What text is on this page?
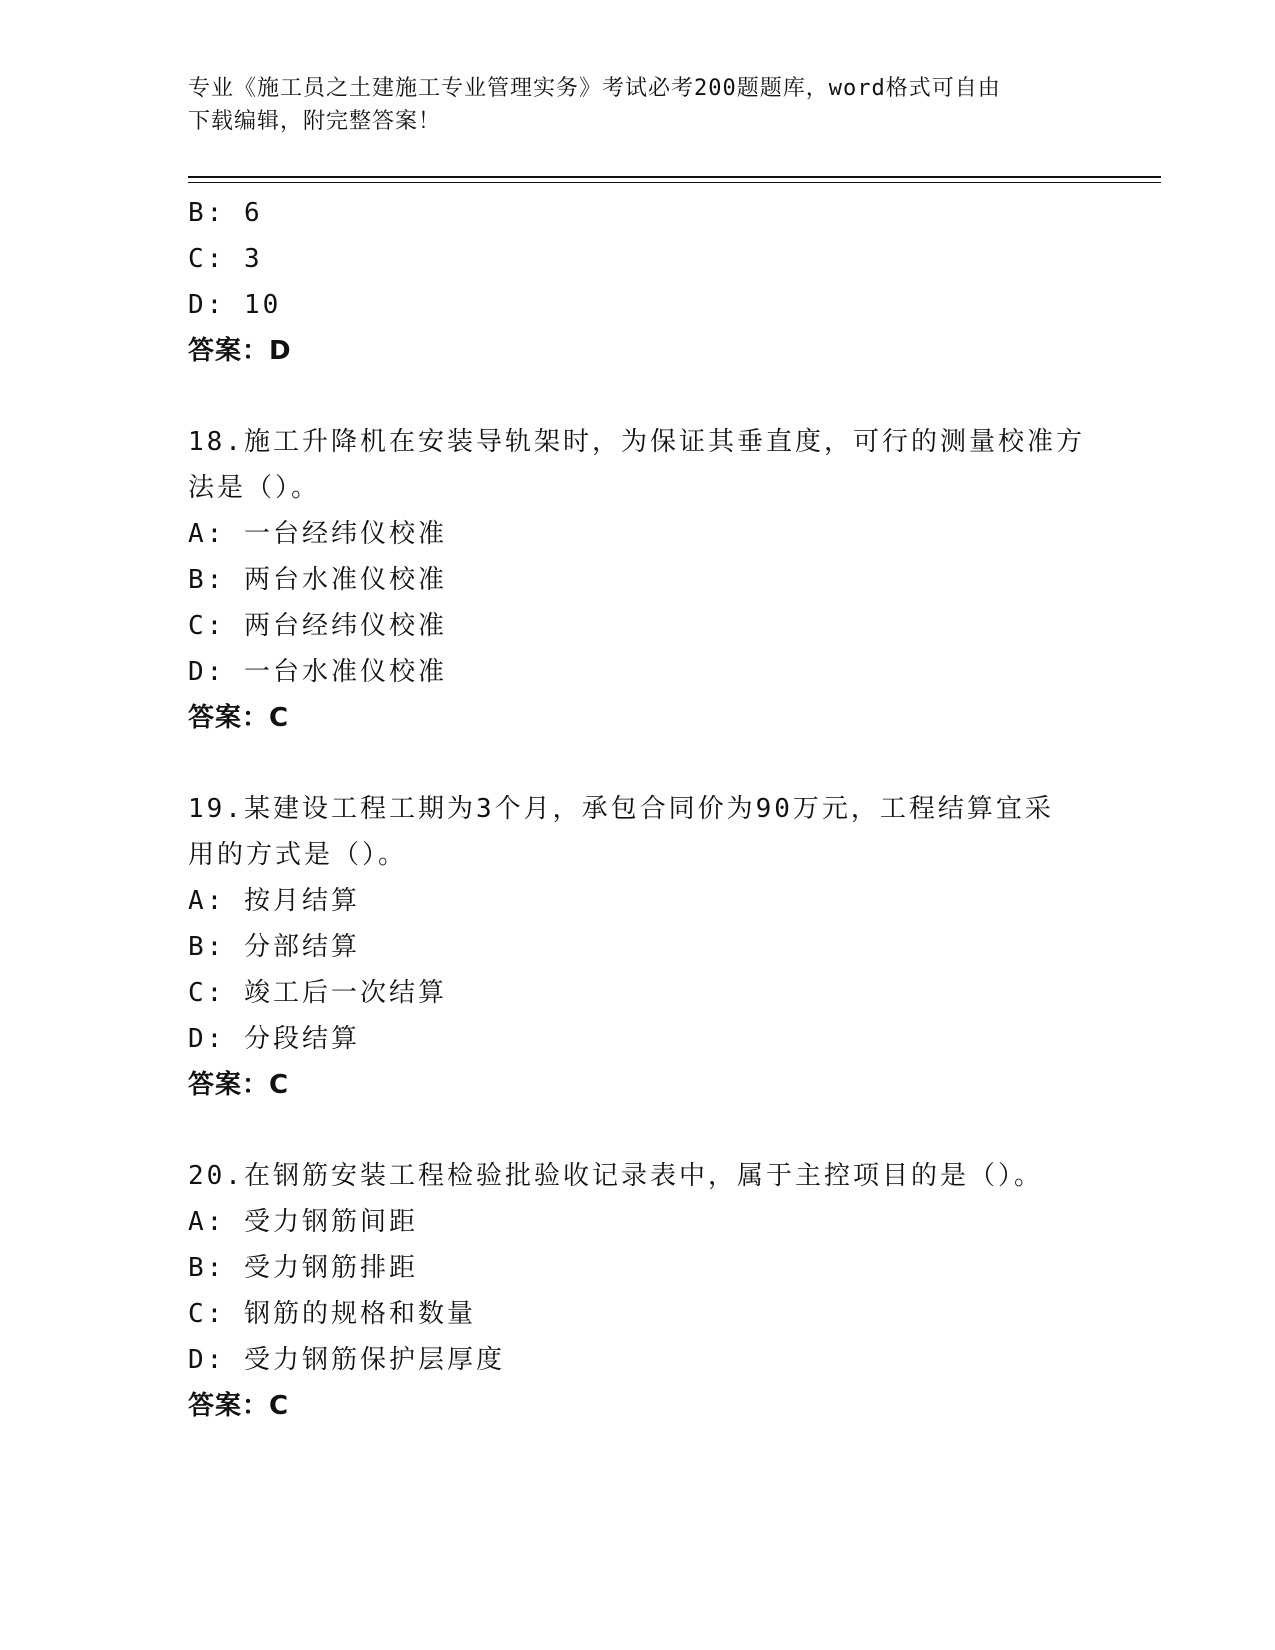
专业《施工员之土建施工专业管理实务》考试必考200题题库，word格式可自由
下载编辑，附完整答案！
B: 6
C: 3
D: 10
答案：D
18.施工升降机在安装导轨架时，为保证其垂直度，可行的测量校准方
法是（）。
A: 一台经纬仪校准
B: 两台水准仪校准
C: 两台经纬仪校准
D: 一台水准仪校准
答案：C
19.某建设工程工期为3个月，承包合同价为90万元，工程结算宜采
用的方式是（）。
A: 按月结算
B: 分部结算
C: 竣工后一次结算
D: 分段结算
答案：C
20.在钢筋安装工程检验批验收记录表中，属于主控项目的是（）。
A: 受力钢筋间距
B: 受力钢筋排距
C: 钢筋的规格和数量
D: 受力钢筋保护层厚度
答案：C
